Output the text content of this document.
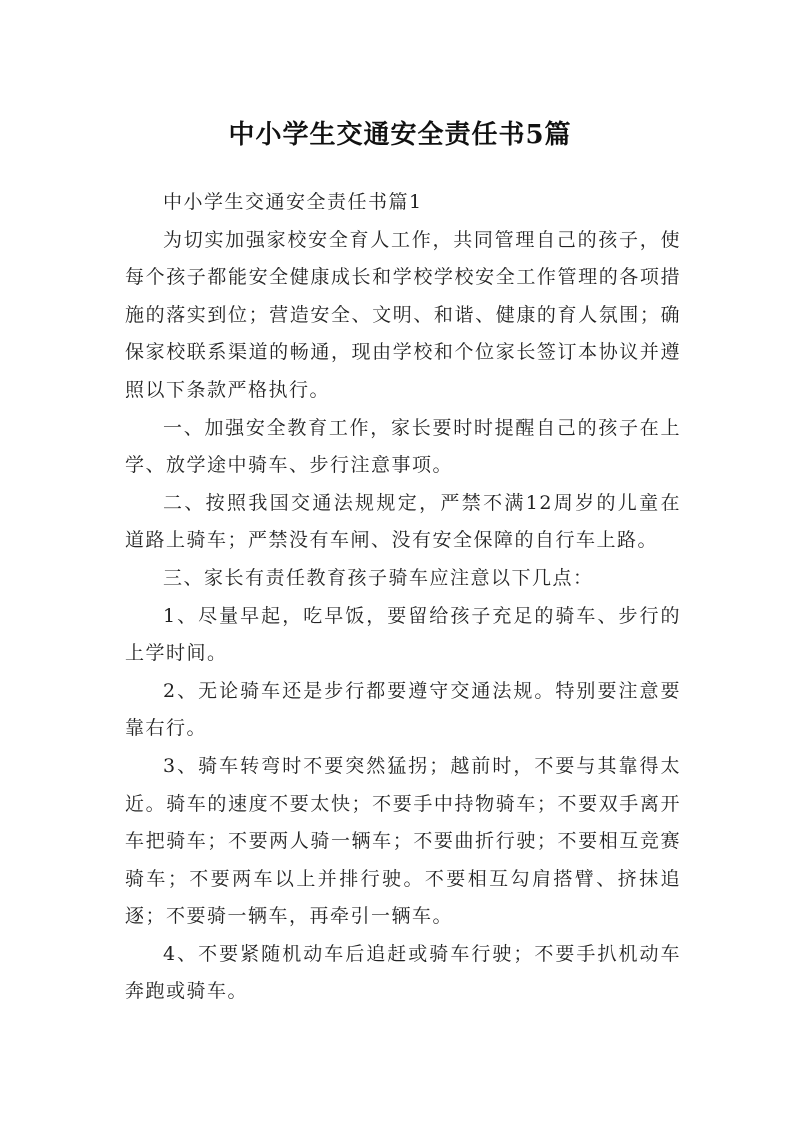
中小学生交通安全责任书5篇

中小学生交通安全责任书篇1

为切实加强家校安全育人工作，共同管理自己的孩子，使每个孩子都能安全健康成长和学校学校安全工作管理的各项措施的落实到位；营造安全、文明、和谐、健康的育人氛围；确保家校联系渠道的畅通，现由学校和个位家长签订本协议并遵照以下条款严格执行。

一、加强安全教育工作，家长要时时提醒自己的孩子在上学、放学途中骑车、步行注意事项。

二、按照我国交通法规规定，严禁不满12周岁的儿童在道路上骑车；严禁没有车闸、没有安全保障的自行车上路。

三、家长有责任教育孩子骑车应注意以下几点：

1、尽量早起，吃早饭，要留给孩子充足的骑车、步行的上学时间。

2、无论骑车还是步行都要遵守交通法规。特别要注意要靠右行。

3、骑车转弯时不要突然猛拐；越前时，不要与其靠得太近。骑车的速度不要太快；不要手中持物骑车；不要双手离开车把骑车；不要两人骑一辆车；不要曲折行驶；不要相互竞赛骑车；不要两车以上并排行驶。不要相互勾肩搭臂、挤抹追逐；不要骑一辆车，再牵引一辆车。

4、不要紧随机动车后追赶或骑车行驶；不要手扒机动车奔跑或骑车。
